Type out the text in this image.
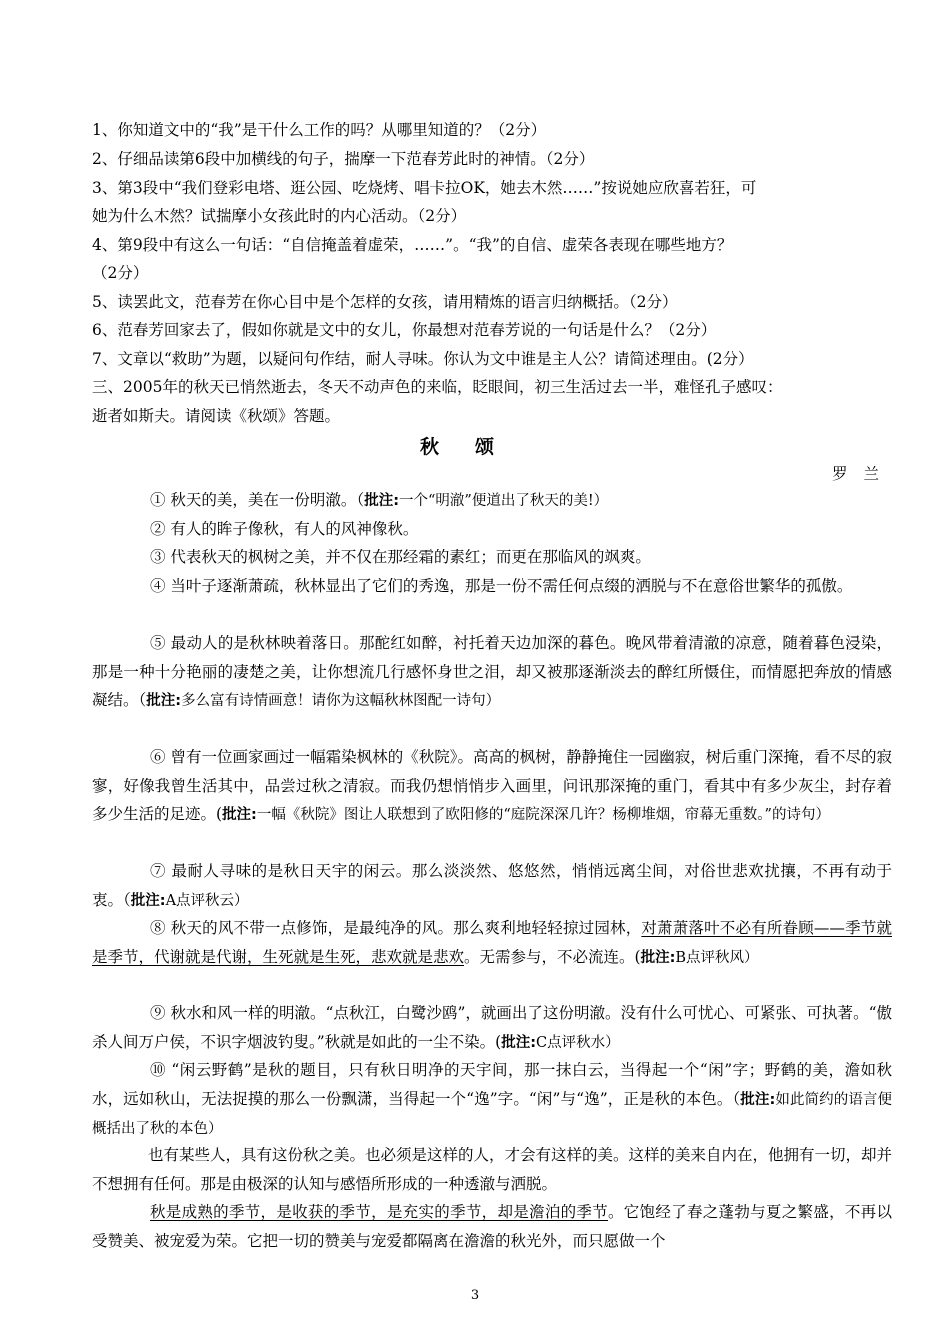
1、你知道文中的“我”是干什么工作的吗？从哪里知道的？（2分）
2、仔细品读第6段中加横线的句子，揣摩一下范春芳此时的神情。（2分）
3、第3段中“我们登彩电塔、逛公园、吃烧烤、唱卡拉OK，她去木然……”按说她应欣喜若狂，可
她为什么木然？试揣摩小女孩此时的内心活动。（2分）
4、第9段中有这么一句话：“自信掩盖着虚荣，……”。“我”的自信、虚荣各表现在哪些地方？
（2分）
5、读罢此文，范春芳在你心目中是个怎样的女孩，请用精炼的语言归纳概括。（2分）
6、范春芳回家去了，假如你就是文中的女儿，你最想对范春芳说的一句话是什么？（2分）
7、文章以“救助”为题，以疑问句作结，耐人寻味。你认为文中谁是主人公？请简述理由。(2分）
三、2005年的秋天已悄然逝去，冬天不动声色的来临，眨眼间，初三生活过去一半，难怪孔子感叹：
逝者如斯夫。请阅读《秋颂》答题。
秋颂
罗兰
① 秋天的美，美在一份明澈。（批注:一个“明澈”便道出了秋天的美!）
② 有人的眸子像秋，有人的风神像秋。
③ 代表秋天的枫树之美，并不仅在那经霜的素红；而更在那临风的飒爽。
④ 当叶子逐渐萧疏，秋林显出了它们的秀逸，那是一份不需任何点缀的洒脱与不在意俗世繁华的孤傲。
⑤ 最动人的是秋林映着落日。那酡红如醉，衬托着天边加深的暮色。晚风带着清澈的凉意，随着暮色浸染，那是一种十分艳丽的凄楚之美，让你想流几行感怀身世之泪，却又被那逐渐淡去的醉红所慑住，而情愿把奔放的情感凝结。（批注:多么富有诗情画意！请你为这幅秋林图配一诗句）
⑥ 曾有一位画家画过一幅霜染枫林的《秋院》。高高的枫树，静静掩住一园幽寂，树后重门深掩，看不尽的寂寥，好像我曾生活其中，品尝过秋之清寂。而我仍想悄悄步入画里，问讯那深掩的重门，看其中有多少灰尘，封存着多少生活的足迹。(批注:一幅《秋院》图让人联想到了欧阳修的“庭院深深几许？杨柳堆烟，帘幕无重数。”的诗句）
⑦ 最耐人寻味的是秋日天宇的闲云。那么淡淡然、悠悠然，悄悄远离尘间，对俗世悲欢扰攘，不再有动于衷。（批注:A点评秋云）
⑧ 秋天的风不带一点修饰，是最纯净的风。那么爽利地轻轻掠过园林，对萧萧落叶不必有所眷顾——季节就是季节，代谢就是代谢，生死就是生死，悲欢就是悲欢。无需参与，不必流连。(批注:B点评秋风）
⑨ 秋水和风一样的明澈。“点秋江，白鹭沙鸥”，就画出了这份明澈。没有什么可忧心、可紧张、可执著。“傲杀人间万户侯，不识字烟波钓叟。”秋就是如此的一尘不染。(批注:C点评秋水）
⑩ “闲云野鹤”是秋的题目，只有秋日明净的天宇间，那一抹白云，当得起一个“闲”字；野鹤的美，澹如秋水，远如秋山，无法捉摸的那么一份飘潇，当得起一个“逸”字。“闲”与“逸”，正是秋的本色。（批注:如此简约的语言便概括出了秋的本色）
也有某些人，具有这份秋之美。也必须是这样的人，才会有这样的美。这样的美来自内在，他拥有一切，却并不想拥有任何。那是由极深的认知与感悟所形成的一种透澈与洒脱。
秋是成熟的季节，是收获的季节，是充实的季节，却是澹泊的季节。它饱经了春之蓬勃与夏之繁盛，不再以受赞美、被宠爱为荣。它把一切的赞美与宠爱都隔离在澹澹的秋光外，而只愿做一个
3
